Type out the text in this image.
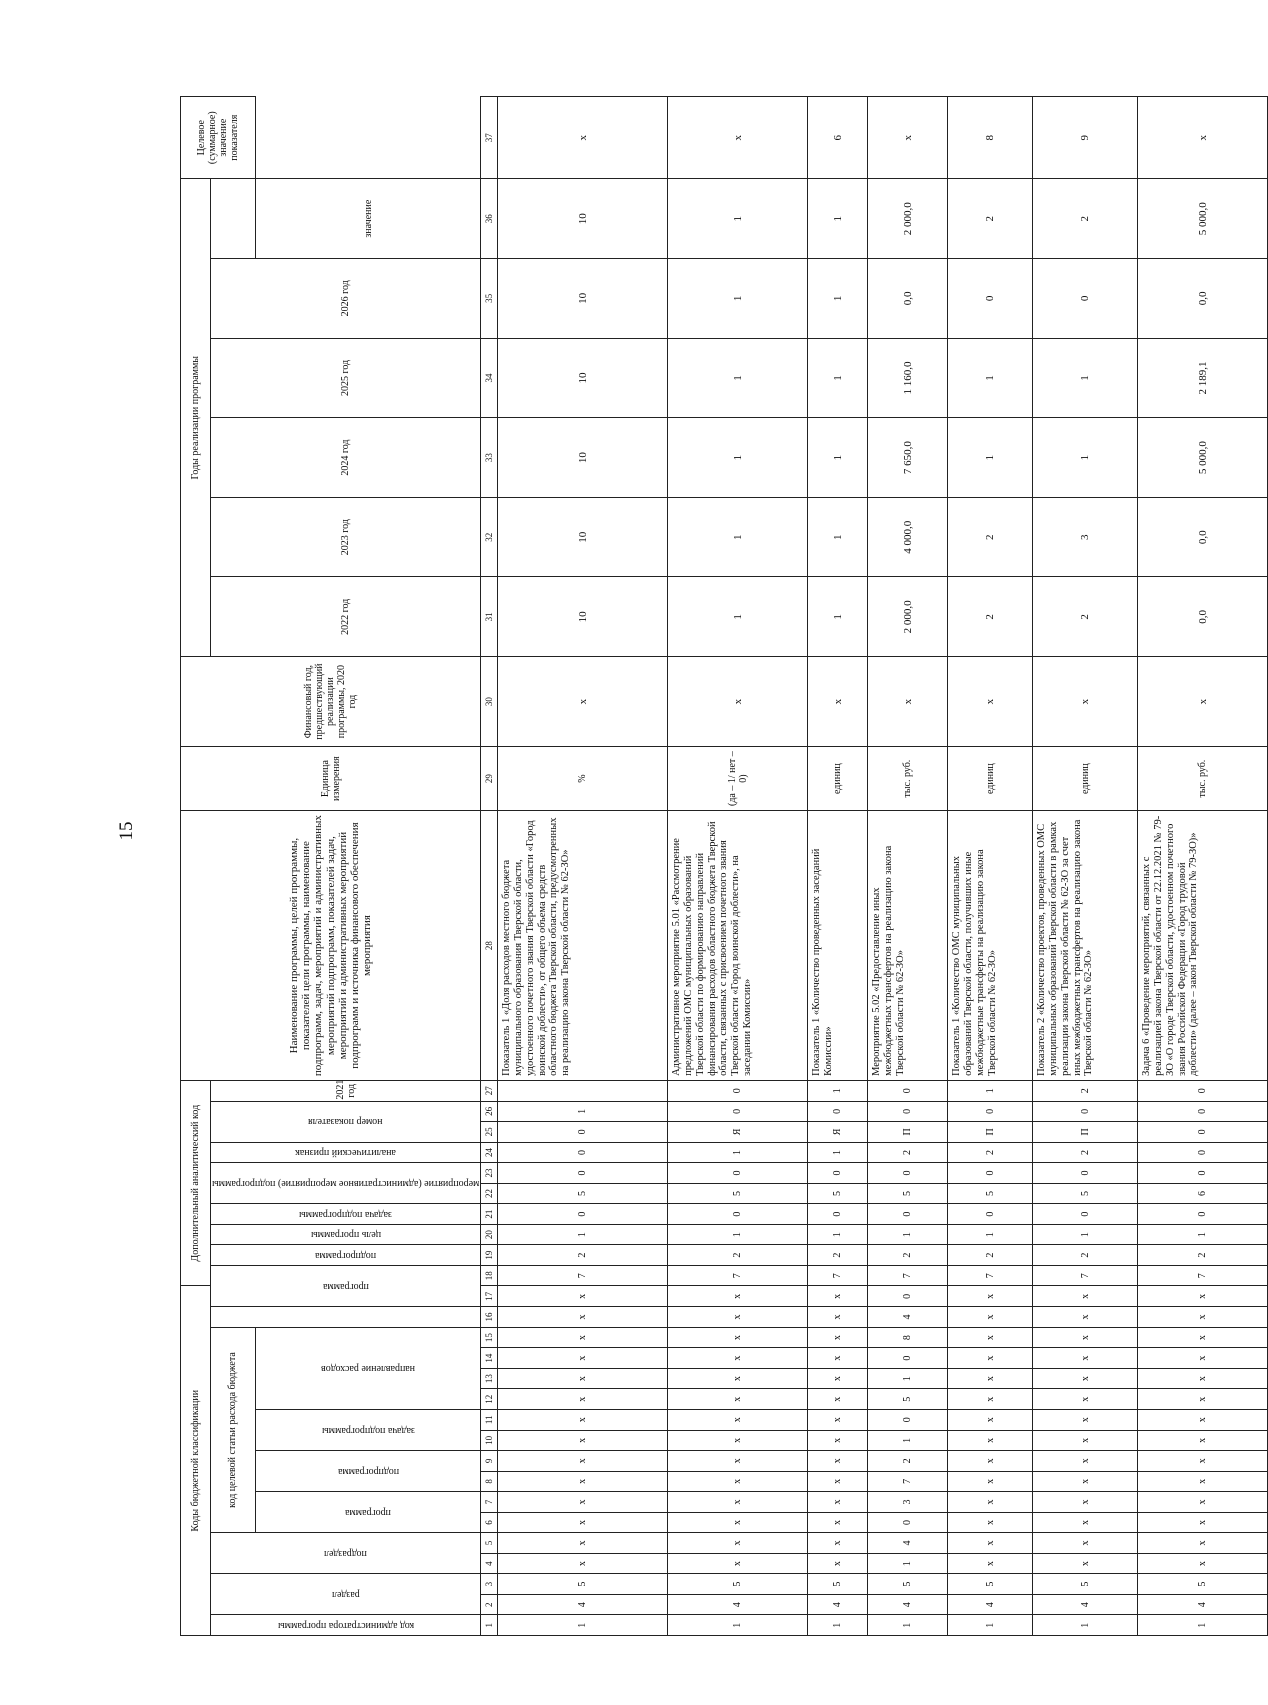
15
Коды бюджетной классификации																	Дополнительный аналитический код										Наименование программы, целей программы, показателей цели программы, наименование подпрограмм, задач, мероприятий и административных мероприятий подпрограмм, показателей задач, мероприятий и административных мероприятий подпрограмм и источника финансового обеспечения мероприятия	Единица измерения	Финансовый год, предшествующий реализации программы, 2020 год	Годы реализации программы						Целевое (суммарное) значение показателя

код администратора программы	раздел		подраздел		код целевой статьи расхода бюджета											программа		подпрограмма	цель программы	задача подпрограммы	мероприятие (административное мероприятие) подпрограммы		аналитический признак	номер показателя		2021 год				2022 год	2023 год	2024 год	2025 год	2026 год		

					программа		подпрограмма		задача подпрограммы		направление расходов																								значение	
1	2	3	4	5	6	7	8	9	10	11	12	13	14	15	16	17	18	19	20	21	22	23	24	25	26	27	28	29	30	31	32	33	34	35	36	37
1	4	5	х	х	х	х	х	х	х	х	х	х	х	х	х	х	7	2	1	0	5	0	0	0	1		Показатель 1 «Доля расходов местного бюджета муниципального образования Тверской области, удостоенного почетного звания Тверской области «Город воинской доблести», от общего объема средств областного бюджета Тверской области, предусмотренных на реализацию закона Тверской области № 62-ЗО»	%	х	10	10	10	10	10	10	х
1	4	5	х	х	х	х	х	х	х	х	х	х	х	х	х	х	7	2	1	0	5	0	1	Я	0	0	Административное мероприятие 5.01 «Рассмотрение предложений ОМС муниципальных образований Тверской области по формированию направлений финансирования расходов областного бюджета Тверской области, связанных с присвоением почетного звания Тверской области «Город воинской доблести», на заседании Комиссии»	(да – 1/ нет – 0)	х	1	1	1	1	1	1	х
1	4	5	х	х	х	х	х	х	х	х	х	х	х	х	х	х	7	2	1	0	5	0	1	Я	0	1	Показатель 1 «Количество проведенных заседаний Комиссии»	единиц	х	1	1	1	1	1	1	6
1	4	5	1	4	0	3	7	2	1	0	5	1	0	8	4	0	7	2	1	0	5	0	2	П	0	0	Мероприятие 5.02 «Предоставление иных межбюджетных трансфертов на реализацию закона Тверской области № 62-ЗО»	тыс. руб.	х	2 000,0	4 000,0	7 650,0	1 160,0	0,0	2 000,0	х
1	4	5	х	х	х	х	х	х	х	х	х	х	х	х	х	х	7	2	1	0	5	0	2	П	0	1	Показатель 1 «Количество ОМС муниципальных образований Тверской области, получивших иные межбюджетные трансферты на реализацию закона Тверской области № 62-ЗО»	единиц	х	2	2	1	1	0	2	8
1	4	5	х	х	х	х	х	х	х	х	х	х	х	х	х	х	7	2	1	0	5	0	2	П	0	2	Показатель 2 «Количество проектов, проведенных ОМС муниципальных образований Тверской области в рамках реализации закона Тверской области № 62-ЗО за счет иных межбюджетных трансфертов на реализацию закона Тверской области № 62-ЗО»	единиц	х	2	3	1	1	0	2	9
1	4	5	х	х	х	х	х	х	х	х	х	х	х	х	х	х	7	2	1	0	6	0	0	0	0	0	Задача 6 «Проведение мероприятий, связанных с реализацией закона Тверской области от 22.12.2021 № 79-ЗО «О городе Тверской области, удостоенном почетного звания Российской Федерации «Город трудовой доблести» (далее – закон Тверской области № 79-ЗО)»	тыс. руб.	х	0,0	0,0	5 000,0	2 189,1	0,0	5 000,0	х
